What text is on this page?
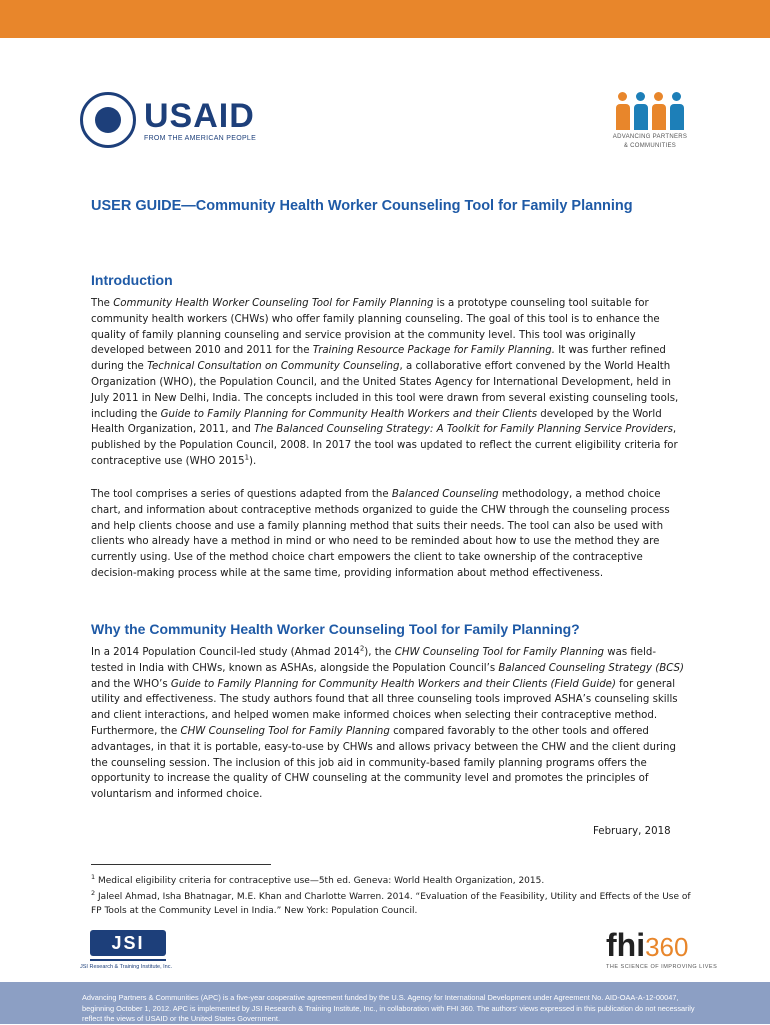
USAID
FROM THE AMERICAN PEOPLE	ADVANCING PARTNERS
& COMMUNITIES
USER GUIDE—Community Health Worker Counseling Tool for Family Planning
Introduction
The Community Health Worker Counseling Tool for Family Planning is a prototype counseling tool suitable for community health workers (CHWs) who offer family planning counseling. The goal of this tool is to enhance the quality of family planning counseling and service provision at the community level. This tool was originally developed between 2010 and 2011 for the Training Resource Package for Family Planning. It was further refined during the Technical Consultation on Community Counseling, a collaborative effort convened by the World Health Organization (WHO), the Population Council, and the United States Agency for International Development, held in July 2011 in New Delhi, India. The concepts included in this tool were drawn from several existing counseling tools, including the Guide to Family Planning for Community Health Workers and their Clients developed by the World Health Organization, 2011, and The Balanced Counseling Strategy: A Toolkit for Family Planning Service Providers, published by the Population Council, 2008. In 2017 the tool was updated to reflect the current eligibility criteria for contraceptive use (WHO 2015$^1$).
The tool comprises a series of questions adapted from the Balanced Counseling methodology, a method choice chart, and information about contraceptive methods organized to guide the CHW through the counseling process and help clients choose and use a family planning method that suits their needs. The tool can also be used with clients who already have a method in mind or who need to be reminded about how to use the method they are currently using. Use of the method choice chart empowers the client to take ownership of the contraceptive decision-making process while at the same time, providing information about method effectiveness.
Why the Community Health Worker Counseling Tool for Family Planning?
In a 2014 Population Council-led study (Ahmad 2014$^2$), the CHW Counseling Tool for Family Planning was field-tested in India with CHWs, known as ASHAs, alongside the Population Council’s Balanced Counseling Strategy (BCS) and the WHO’s Guide to Family Planning for Community Health Workers and their Clients (Field Guide) for general utility and effectiveness. The study authors found that all three counseling tools improved ASHA’s counseling skills and client interactions, and helped women make informed choices when selecting their contraceptive method. Furthermore, the CHW Counseling Tool for Family Planning compared favorably to the other tools and offered advantages, in that it is portable, easy-to-use by CHWs and allows privacy between the CHW and the client during the counseling session. The inclusion of this job aid in community-based family planning programs offers the opportunity to increase the quality of CHW counseling at the community level and promotes the principles of voluntarism and informed choice.
February, 2018
$^1$ Medical eligibility criteria for contraceptive use—5th ed. Geneva: World Health Organization, 2015.
$^2$ Jaleel Ahmad, Isha Bhatnagar, M.E. Khan and Charlotte Warren. 2014. “Evaluation of the Feasibility, Utility and Effects of the Use of FP Tools at the Community Level in India.” New York: Population Council.
JSI
JSI Research & Training Institute, Inc.
fhi360
THE SCIENCE OF IMPROVING LIVES
Advancing Partners & Communities (APC) is a five-year cooperative agreement funded by the U.S. Agency for International Development under Agreement No. AID-OAA-A-12-00047, beginning October 1, 2012. APC is implemented by JSI Research & Training Institute, Inc., in collaboration with FHI 360. The authors' views expressed in this publication do not necessarily reflect the views of USAID or the United States Government.
